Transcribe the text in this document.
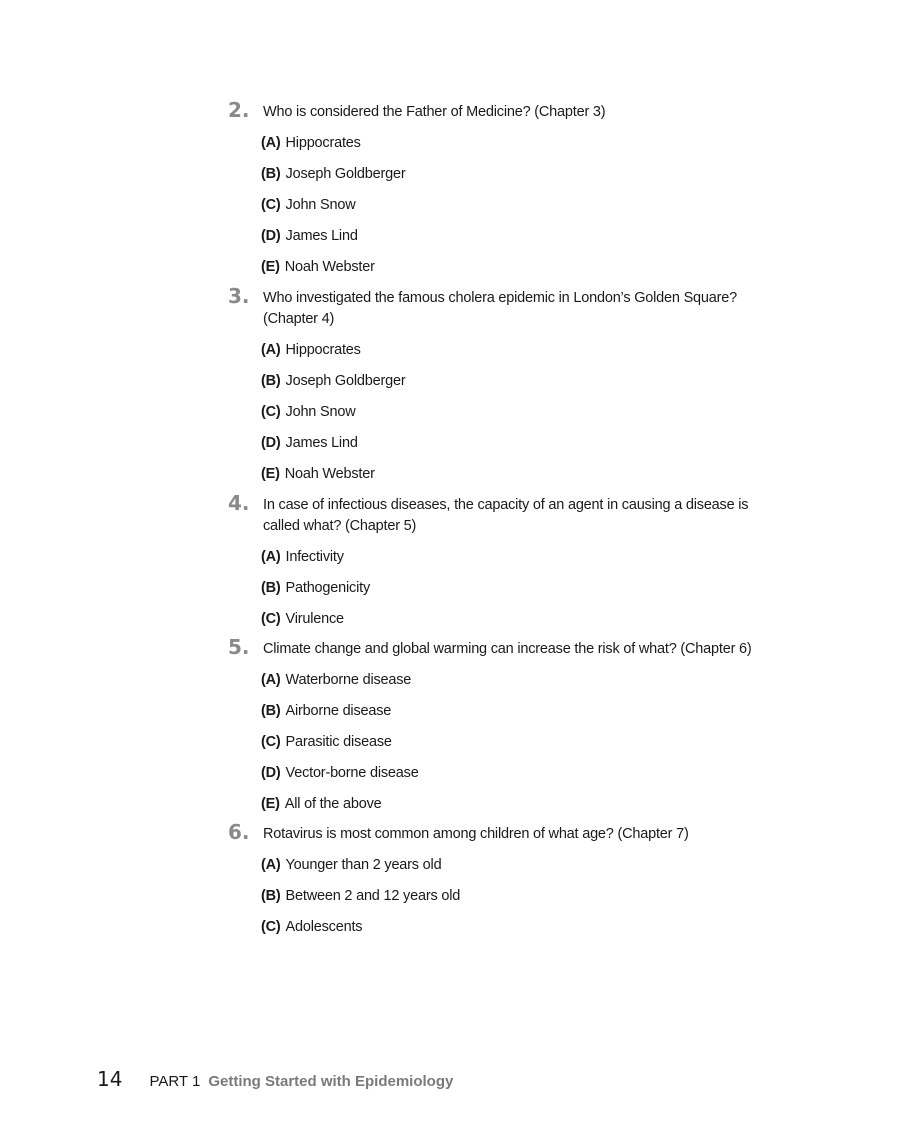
2. Who is considered the Father of Medicine? (Chapter 3)
(A) Hippocrates
(B) Joseph Goldberger
(C) John Snow
(D) James Lind
(E) Noah Webster
3. Who investigated the famous cholera epidemic in London’s Golden Square? (Chapter 4)
(A) Hippocrates
(B) Joseph Goldberger
(C) John Snow
(D) James Lind
(E) Noah Webster
4. In case of infectious diseases, the capacity of an agent in causing a disease is called what? (Chapter 5)
(A) Infectivity
(B) Pathogenicity
(C) Virulence
5. Climate change and global warming can increase the risk of what? (Chapter 6)
(A) Waterborne disease
(B) Airborne disease
(C) Parasitic disease
(D) Vector-borne disease
(E) All of the above
6. Rotavirus is most common among children of what age? (Chapter 7)
(A) Younger than 2 years old
(B) Between 2 and 12 years old
(C) Adolescents
14 PART 1 Getting Started with Epidemiology
